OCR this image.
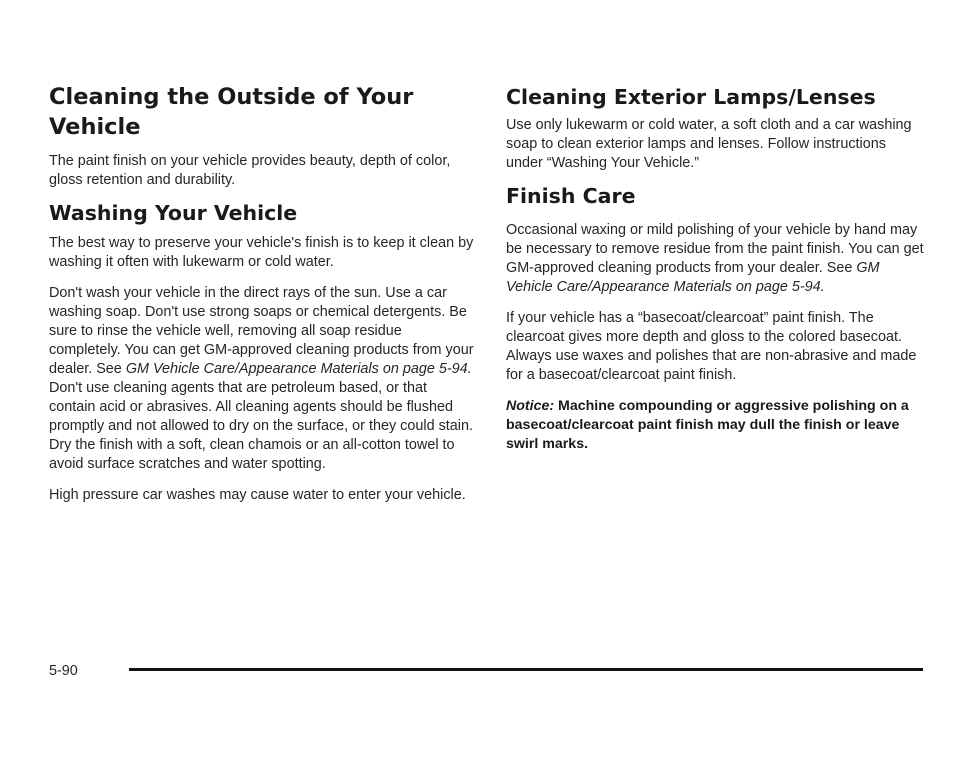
Cleaning the Outside of Your Vehicle

The paint finish on your vehicle provides beauty, depth of color, gloss retention and durability.

Washing Your Vehicle

The best way to preserve your vehicle's finish is to keep it clean by washing it often with lukewarm or cold water.

Don't wash your vehicle in the direct rays of the sun. Use a car washing soap. Don't use strong soaps or chemical detergents. Be sure to rinse the vehicle well, removing all soap residue completely. You can get GM-approved cleaning products from your dealer. See GM Vehicle Care/Appearance Materials on page 5-94. Don't use cleaning agents that are petroleum based, or that contain acid or abrasives. All cleaning agents should be flushed promptly and not allowed to dry on the surface, or they could stain. Dry the finish with a soft, clean chamois or an all-cotton towel to avoid surface scratches and water spotting.

High pressure car washes may cause water to enter your vehicle.

Cleaning Exterior Lamps/Lenses

Use only lukewarm or cold water, a soft cloth and a car washing soap to clean exterior lamps and lenses. Follow instructions under “Washing Your Vehicle.”

Finish Care

Occasional waxing or mild polishing of your vehicle by hand may be necessary to remove residue from the paint finish. You can get GM-approved cleaning products from your dealer. See GM Vehicle Care/Appearance Materials on page 5-94.

If your vehicle has a “basecoat/clearcoat” paint finish. The clearcoat gives more depth and gloss to the colored basecoat. Always use waxes and polishes that are non-abrasive and made for a basecoat/clearcoat paint finish.

Notice: Machine compounding or aggressive polishing on a basecoat/clearcoat paint finish may dull the finish or leave swirl marks.

5-90
